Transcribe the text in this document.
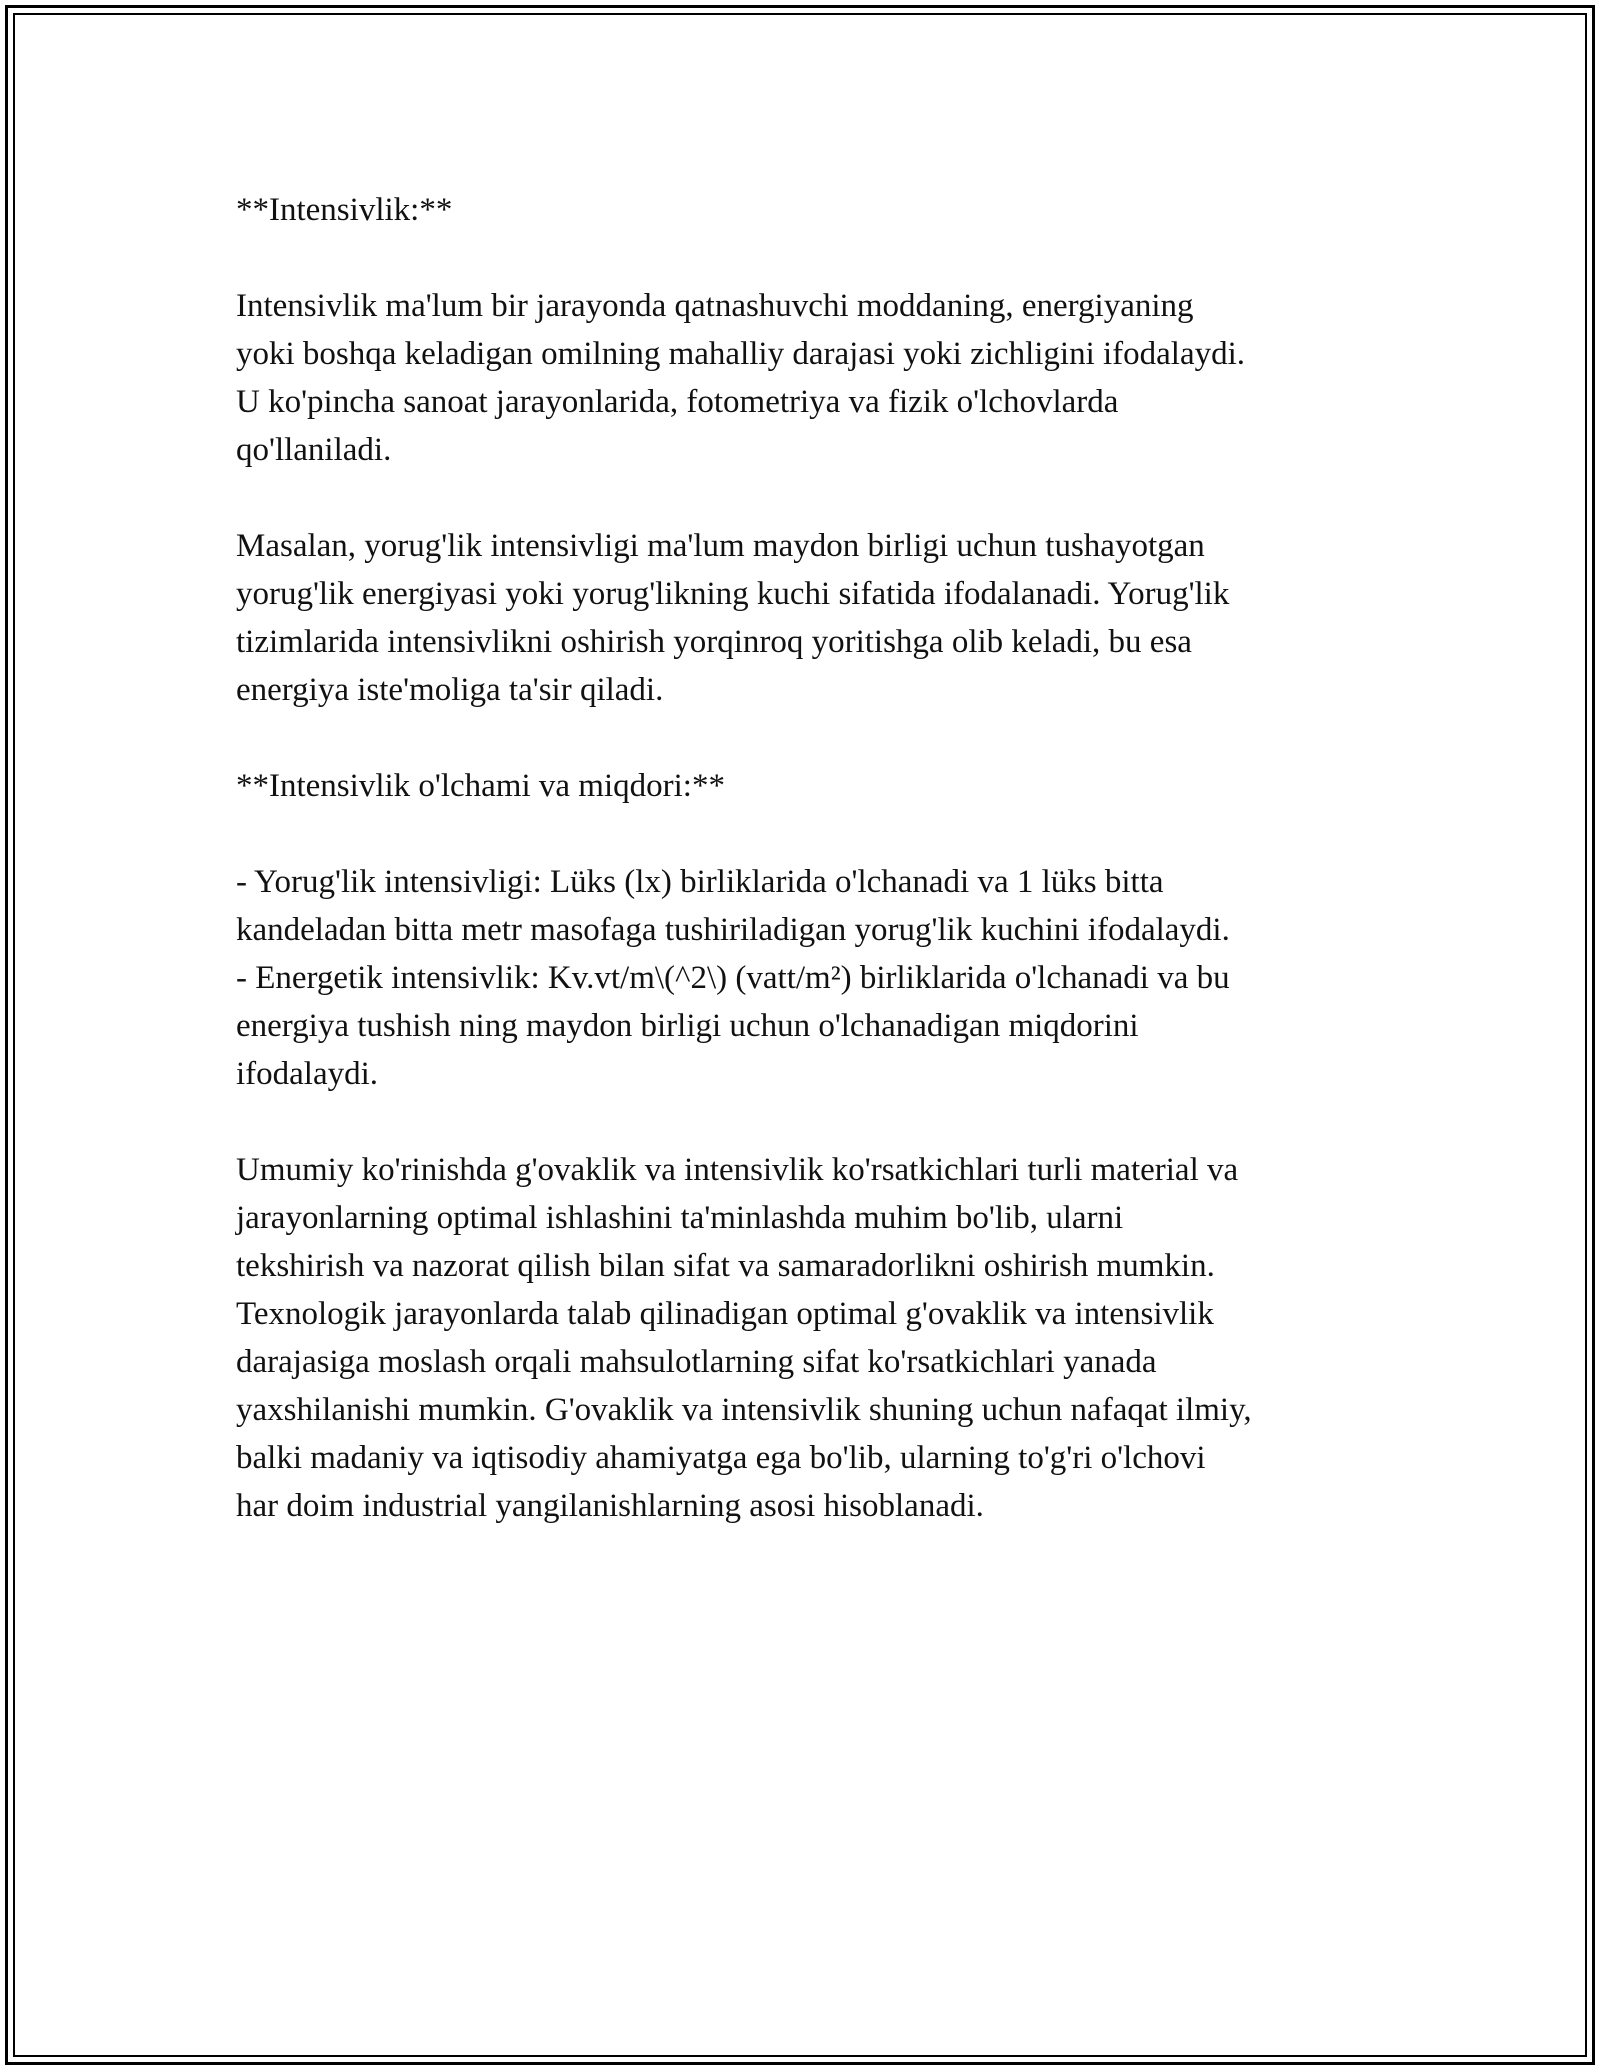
**Intensivlik:**

Intensivlik ma'lum bir jarayonda qatnashuvchi moddaning, energiyaning
yoki boshqa keladigan omilning mahalliy darajasi yoki zichligini ifodalaydi.
U ko'pincha sanoat jarayonlarida, fotometriya va fizik o'lchovlarda
qo'llaniladi.

Masalan, yorug'lik intensivligi ma'lum maydon birligi uchun tushayotgan
yorug'lik energiyasi yoki yorug'likning kuchi sifatida ifodalanadi. Yorug'lik
tizimlarida intensivlikni oshirish yorqinroq yoritishga olib keladi, bu esa
energiya iste'moliga ta'sir qiladi.

**Intensivlik o'lchami va miqdori:**

- Yorug'lik intensivligi: Lüks (lx) birliklarida o'lchanadi va 1 lüks bitta
kandeladan bitta metr masofaga tushiriladigan yorug'lik kuchini ifodalaydi.

- Energetik intensivlik: Kv.vt/m\(^2\) (vatt/m²) birliklarida o'lchanadi va bu
energiya tushish ning maydon birligi uchun o'lchanadigan miqdorini
ifodalaydi.

Umumiy ko'rinishda g'ovaklik va intensivlik ko'rsatkichlari turli material va
jarayonlarning optimal ishlashini ta'minlashda muhim bo'lib, ularni
tekshirish va nazorat qilish bilan sifat va samaradorlikni oshirish mumkin.
Texnologik jarayonlarda talab qilinadigan optimal g'ovaklik va intensivlik
darajasiga moslash orqali mahsulotlarning sifat ko'rsatkichlari yanada
yaxshilanishi mumkin. G'ovaklik va intensivlik shuning uchun nafaqat ilmiy,
balki madaniy va iqtisodiy ahamiyatga ega bo'lib, ularning to'g'ri o'lchovi
har doim industrial yangilanishlarning asosi hisoblanadi.
